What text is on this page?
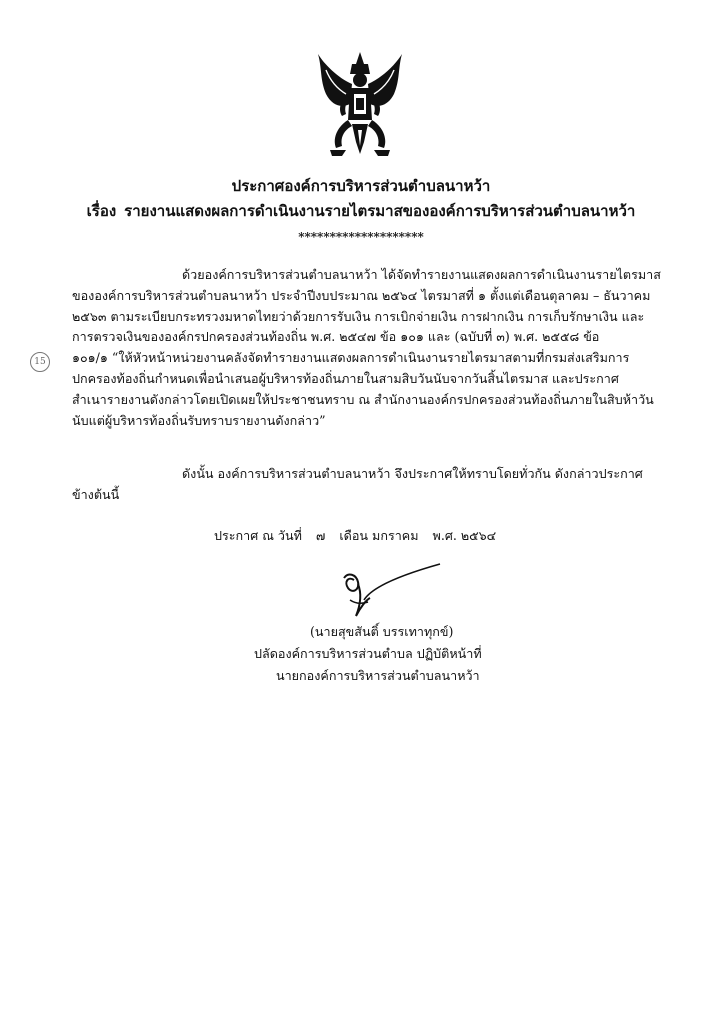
ประกาศองค์การบริหารส่วนตำบลนาหว้า
เรื่อง รายงานแสดงผลการดำเนินงานรายไตรมาสขององค์การบริหารส่วนตำบลนาหว้า
********************
15

ด้วยองค์การบริหารส่วนตำบลนาหว้า ได้จัดทำรายงานแสดงผลการดำเนินงานรายไตรมาส

ขององค์การบริหารส่วนตำบลนาหว้า ประจำปีงบประมาณ ๒๕๖๔ ไตรมาสที่ ๑ ตั้งแต่เดือนตุลาคม – ธันวาคม

๒๕๖๓ ตามระเบียบกระทรวงมหาดไทยว่าด้วยการรับเงิน การเบิกจ่ายเงิน การฝากเงิน การเก็บรักษาเงิน และ

การตรวจเงินขององค์กรปกครองส่วนท้องถิ่น พ.ศ. ๒๕๔๗ ข้อ ๑๐๑ และ (ฉบับที่ ๓) พ.ศ. ๒๕๕๘ ข้อ

๑๐๑/๑ “ให้หัวหน้าหน่วยงานคลังจัดทำรายงานแสดงผลการดำเนินงานรายไตรมาสตามที่กรมส่งเสริมการ

ปกครองท้องถิ่นกำหนดเพื่อนำเสนอผู้บริหารท้องถิ่นภายในสามสิบวันนับจากวันสิ้นไตรมาส และประกาศ

สำเนารายงานดังกล่าวโดยเปิดเผยให้ประชาชนทราบ ณ สำนักงานองค์กรปกครองส่วนท้องถิ่นภายในสิบห้าวัน

นับแต่ผู้บริหารท้องถิ่นรับทราบรายงานดังกล่าว”

ดังนั้น องค์การบริหารส่วนตำบลนาหว้า จึงประกาศให้ทราบโดยทั่วกัน ดังกล่าวประกาศ

ข้างต้นนี้

ประกาศ ณ วันที่ ๗ เดือน มกราคม พ.ศ. ๒๕๖๔
(นายสุขสันติ์ บรรเทาทุกข์)
ปลัดองค์การบริหารส่วนตำบล ปฏิบัติหน้าที่
นายกองค์การบริหารส่วนตำบลนาหว้า
